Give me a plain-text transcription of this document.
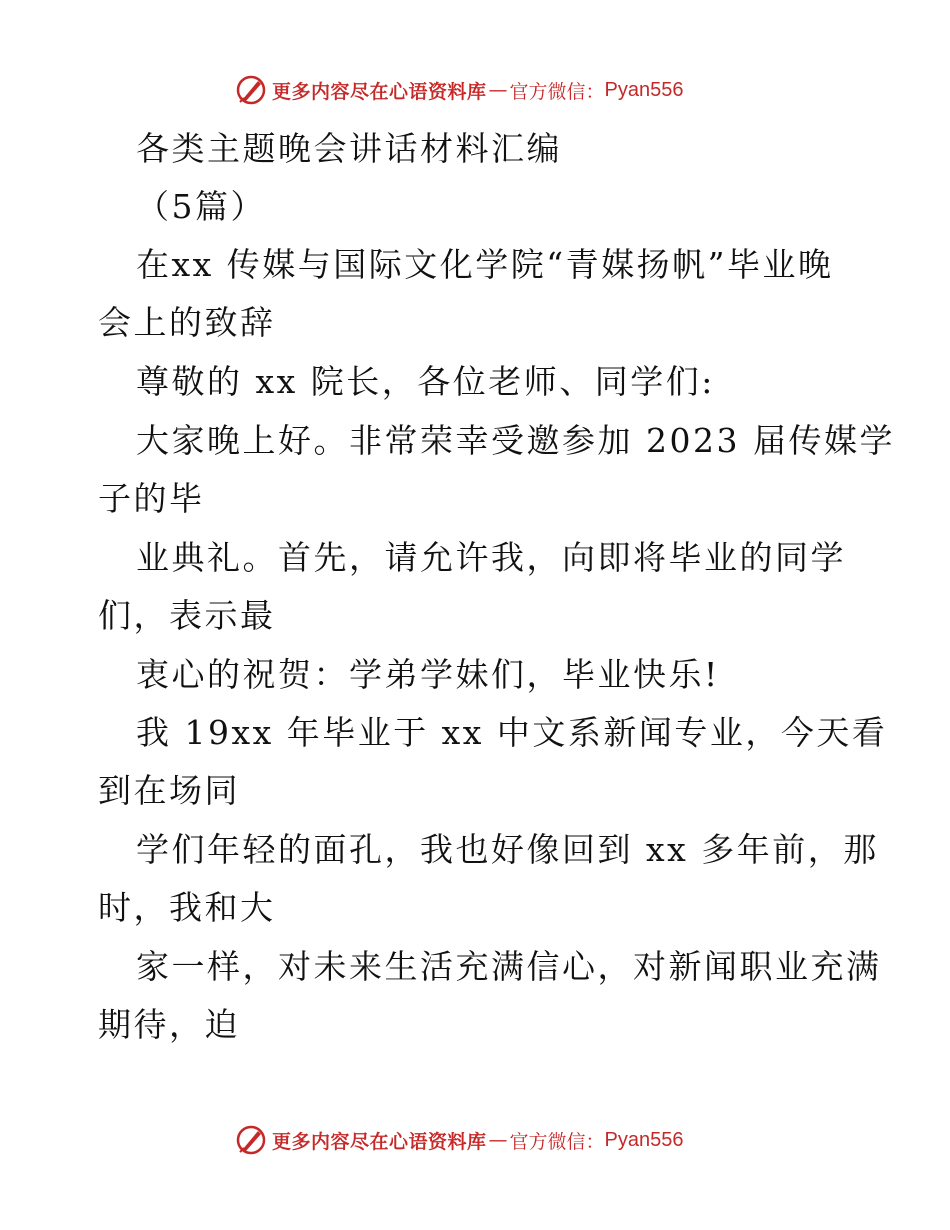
更多内容尽在心语资料库 — 官方微信： Pyan556
各类主题晚会讲话材料汇编
（5篇）
在xx 传媒与国际文化学院“青媒扬帆”毕业晚
会上的致辞
尊敬的 xx 院长，各位老师、同学们:
大家晚上好。非常荣幸受邀参加 2023 届传媒学
子的毕
业典礼。首先，请允许我，向即将毕业的同学
们，表示最
衷心的祝贺：学弟学妹们，毕业快乐!
我 19xx 年毕业于 xx 中文系新闻专业，今天看
到在场同
学们年轻的面孔，我也好像回到 xx 多年前，那
时，我和大
家一样，对未来生活充满信心，对新闻职业充满
期待，迫
更多内容尽在心语资料库 — 官方微信： Pyan556
